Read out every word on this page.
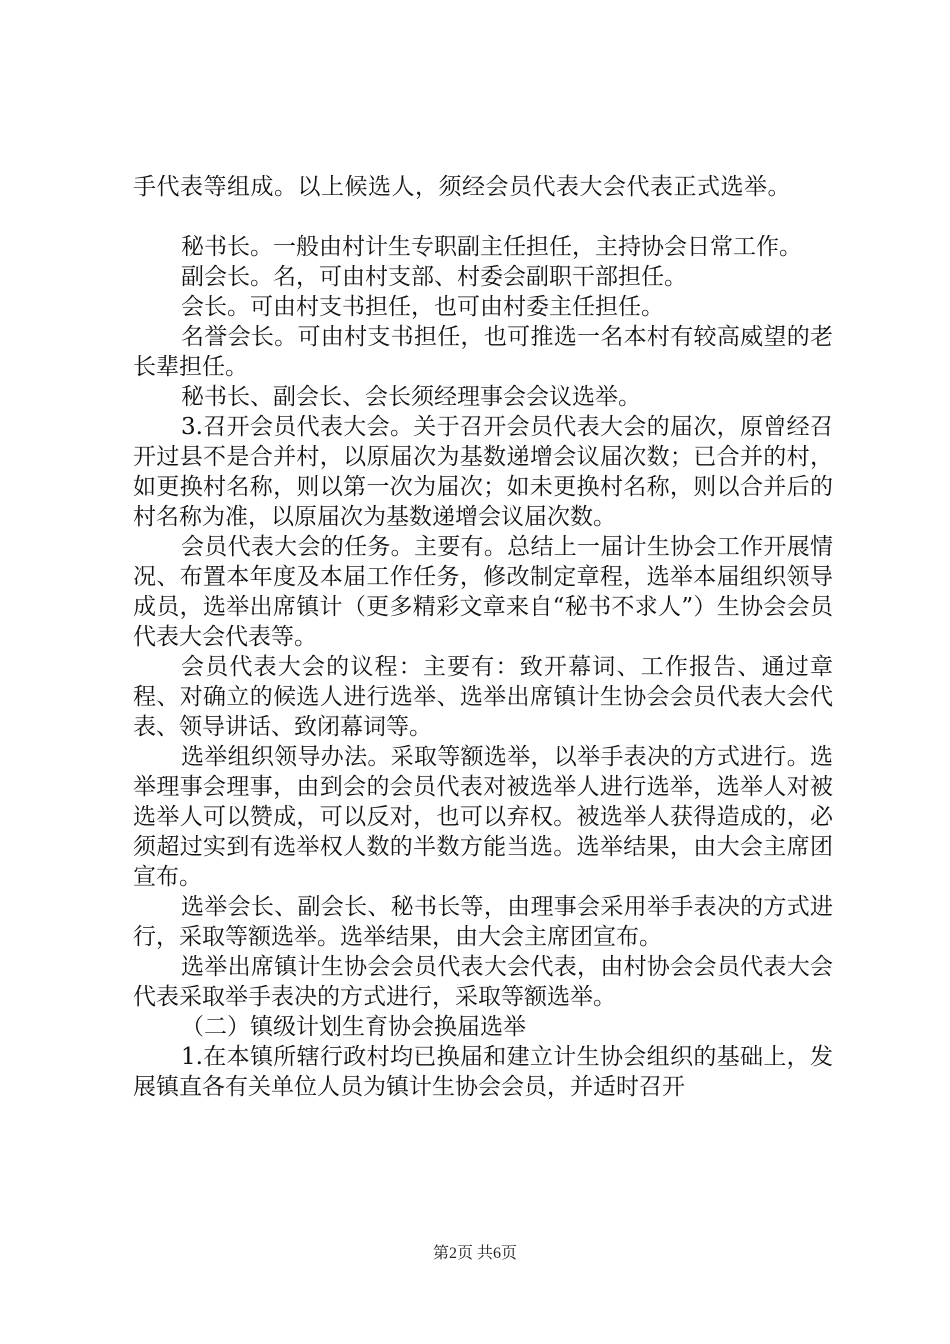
手代表等组成。以上候选人，须经会员代表大会代表正式选举。

秘书长。一般由村计生专职副主任担任，主持协会日常工作。

副会长。名，可由村支部、村委会副职干部担任。

会长。可由村支书担任，也可由村委主任担任。

名誉会长。可由村支书担任，也可推选一名本村有较高威望的老长辈担任。

秘书长、副会长、会长须经理事会会议选举。

3.召开会员代表大会。关于召开会员代表大会的届次，原曾经召开过县不是合并村，以原届次为基数递增会议届次数；已合并的村，如更换村名称，则以第一次为届次；如未更换村名称，则以合并后的村名称为准，以原届次为基数递增会议届次数。

会员代表大会的任务。主要有。总结上一届计生协会工作开展情况、布置本年度及本届工作任务，修改制定章程，选举本届组织领导成员，选举出席镇计（更多精彩文章来自“秘书不求人”）生协会会员代表大会代表等。

会员代表大会的议程：主要有：致开幕词、工作报告、通过章程、对确立的候选人进行选举、选举出席镇计生协会会员代表大会代表、领导讲话、致闭幕词等。

选举组织领导办法。采取等额选举，以举手表决的方式进行。选举理事会理事，由到会的会员代表对被选举人进行选举，选举人对被选举人可以赞成，可以反对，也可以弃权。被选举人获得造成的，必须超过实到有选举权人数的半数方能当选。选举结果，由大会主席团宣布。

选举会长、副会长、秘书长等，由理事会采用举手表决的方式进行，采取等额选举。选举结果，由大会主席团宣布。

选举出席镇计生协会会员代表大会代表，由村协会会员代表大会代表采取举手表决的方式进行，采取等额选举。

（二）镇级计划生育协会换届选举

1.在本镇所辖行政村均已换届和建立计生协会组织的基础上，发展镇直各有关单位人员为镇计生协会会员，并适时召开

第2页 共6页
